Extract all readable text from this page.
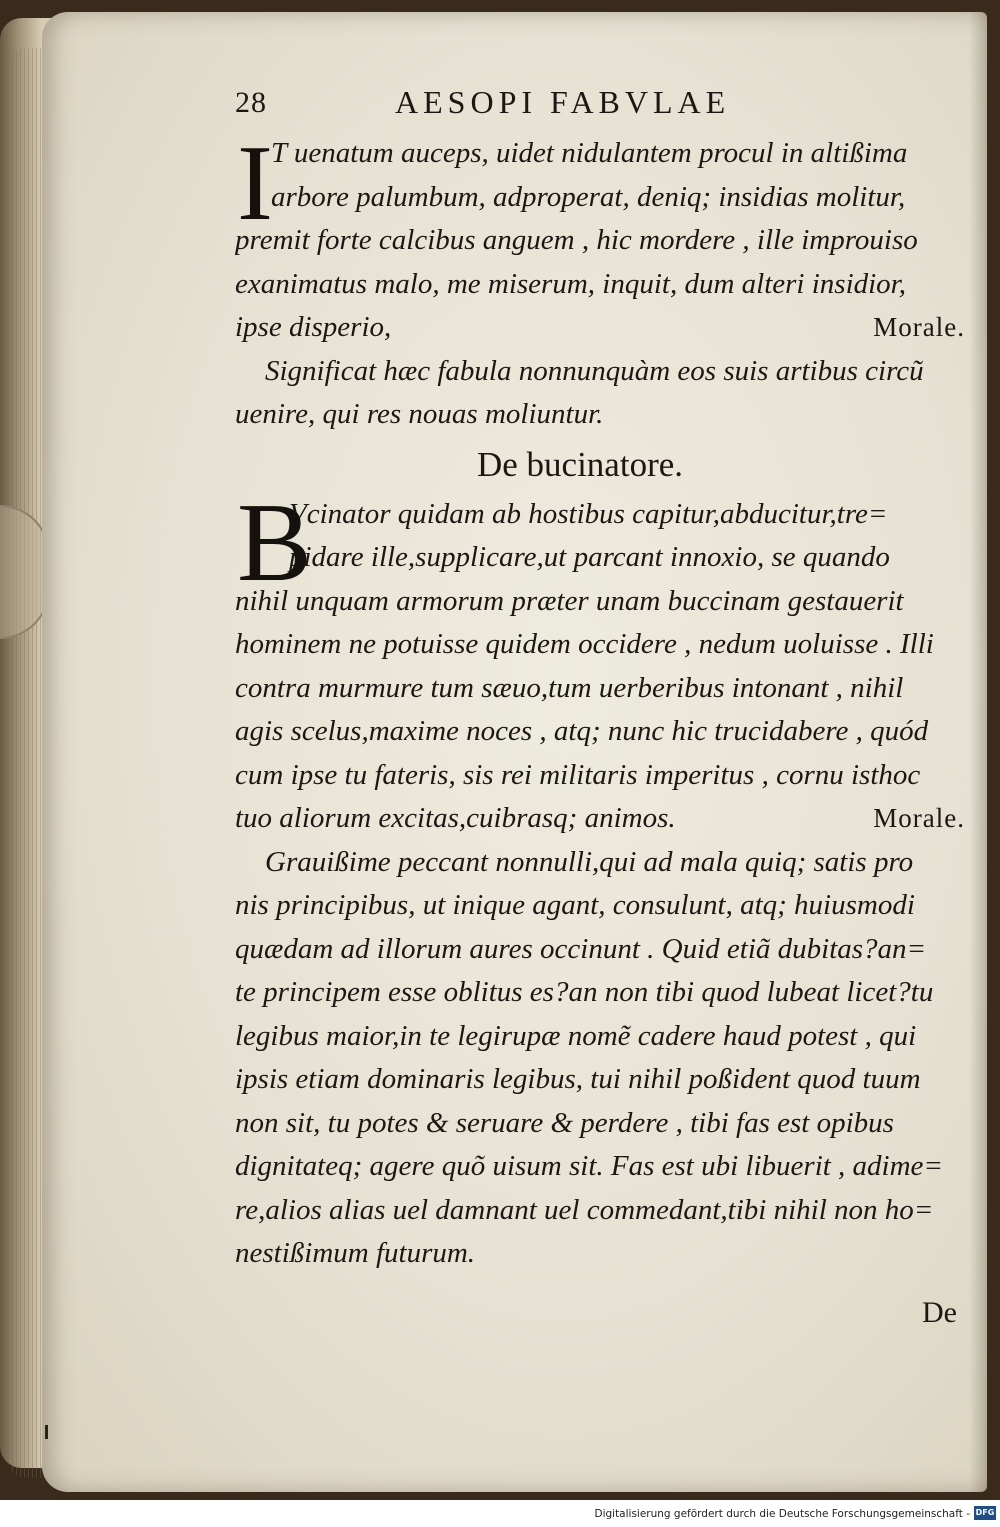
28	AESOPI FABVLAE
I
T uenatum auceps, uidet nidulantem procul in altißima
arbore palumbum, adproperat, deniq; insidias molitur,
premit forte calcibus anguem , hic mordere , ille improuiso
exanimatus malo, me miserum, inquit, dum alteri insidior,
ipse disperio,	Morale.
Significat hæc fabula nonnunquàm eos suis artibus circũ
uenire, qui res nouas moliuntur.
De bucinatore.
B
Vcinator quidam ab hostibus capitur,abducitur,tre=
pidare ille,supplicare,ut parcant innoxio, se quando
nihil unquam armorum præter unam buccinam gestauerit
hominem ne potuisse quidem occidere , nedum uoluisse . Illi
contra murmure tum sæuo,tum uerberibus intonant , nihil
agis scelus,maxime noces , atq; nunc hic trucidabere , quód
cum ipse tu fateris, sis rei militaris imperitus , cornu isthoc
tuo aliorum excitas,cuibrasq; animos.	Morale.
Grauißime peccant nonnulli,qui ad mala quiq; satis pro
nis principibus, ut inique agant, consulunt, atq; huiusmodi
quædam ad illorum aures occinunt . Quid etiã dubitas?an=
te principem esse oblitus es?an non tibi quod lubeat licet?tu
legibus maior,in te legirupæ nomẽ cadere haud potest , qui
ipsis etiam dominaris legibus, tui nihil poßident quod tuum
non sit, tu potes & seruare & perdere , tibi fas est opibus
dignitateq; agere quõ uisum sit. Fas est ubi libuerit , adime=
re,alios alias uel damnant uel commedant,tibi nihil non ho=
nestißimum futurum.
De
Digitalisierung gefördert durch die Deutsche Forschungsgemeinschaft - DFG
